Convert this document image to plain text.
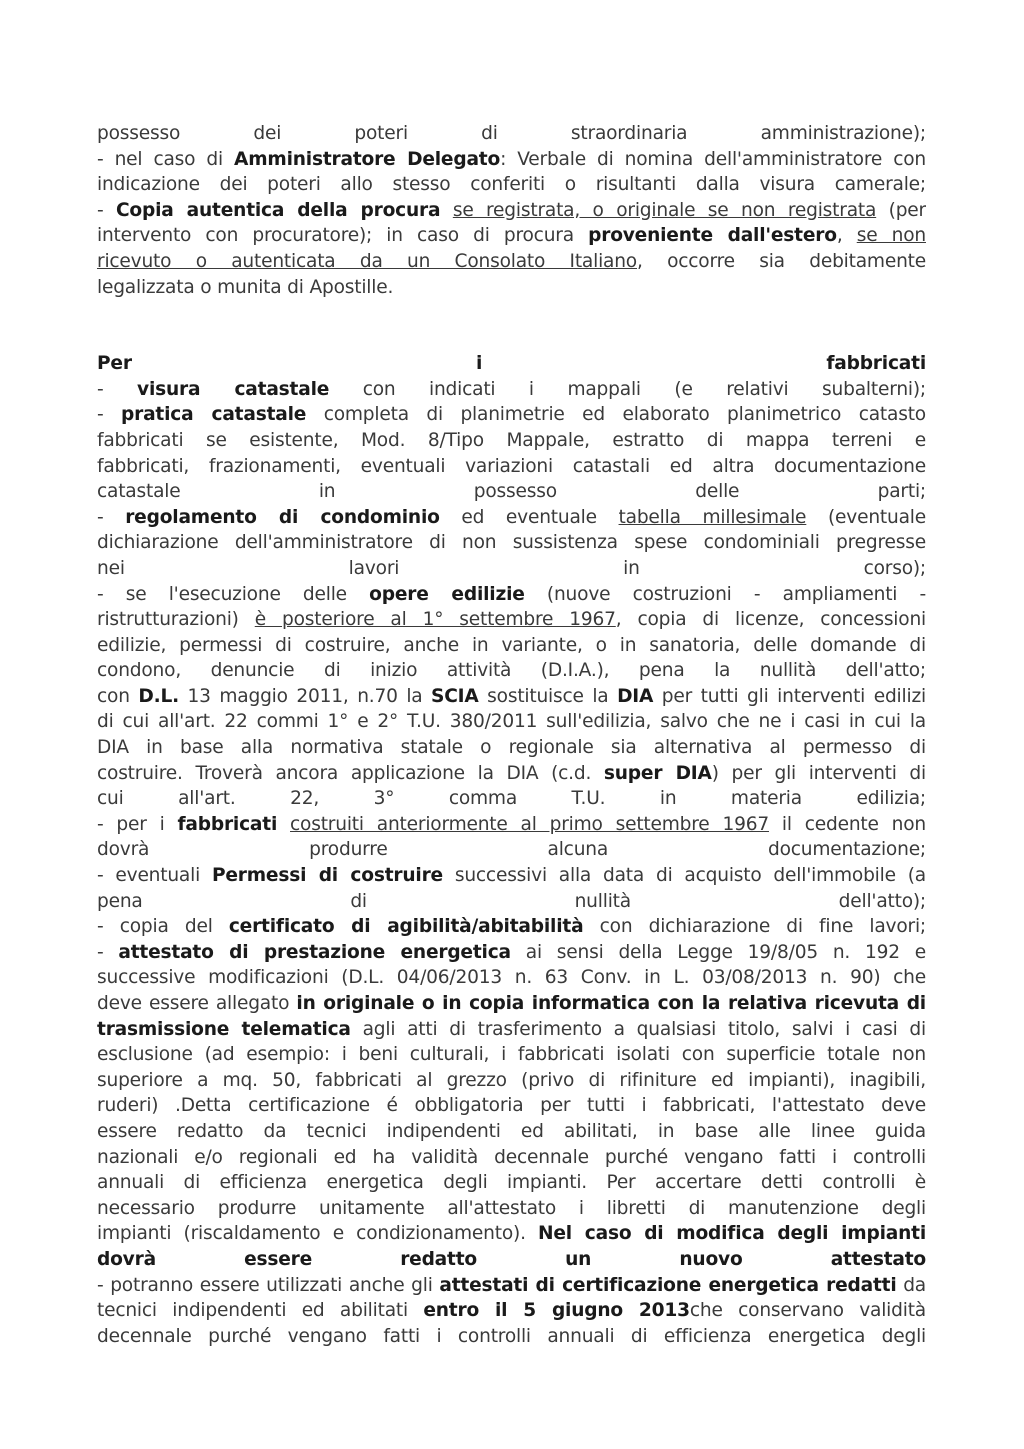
possesso dei poteri di straordinaria amministrazione);
- nel caso di Amministratore Delegato: Verbale di nomina dell'amministratore con
indicazione dei poteri allo stesso conferiti o risultanti dalla visura camerale;
- Copia autentica della procura se registrata, o originale se non registrata (per
intervento con procuratore); in caso di procura proveniente dall'estero, se non
ricevuto o autenticata da un Consolato Italiano, occorre sia debitamente
legalizzata o munita di Apostille.
Per i fabbricati
- visura catastale con indicati i mappali (e relativi subalterni);
- pratica catastale completa di planimetrie ed elaborato planimetrico catasto
fabbricati se esistente, Mod. 8/Tipo Mappale, estratto di mappa terreni e
fabbricati, frazionamenti, eventuali variazioni catastali ed altra documentazione
catastale in possesso delle parti;
- regolamento di condominio ed eventuale tabella millesimale (eventuale
dichiarazione dell'amministratore di non sussistenza spese condominiali pregresse
nei lavori in corso);
- se l'esecuzione delle opere edilizie (nuove costruzioni - ampliamenti -
ristrutturazioni) è posteriore al 1° settembre 1967, copia di licenze, concessioni
edilizie, permessi di costruire, anche in variante, o in sanatoria, delle domande di
condono, denuncie di inizio attività (D.I.A.), pena la nullità dell'atto;
con D.L. 13 maggio 2011, n.70 la SCIA sostituisce la DIA per tutti gli interventi edilizi
di cui all'art. 22 commi 1° e 2° T.U. 380/2011 sull'edilizia, salvo che ne i casi in cui la
DIA in base alla normativa statale o regionale sia alternativa al permesso di
costruire. Troverà ancora applicazione la DIA (c.d. super DIA) per gli interventi di
cui all'art. 22, 3° comma T.U. in materia edilizia;
- per i fabbricati costruiti anteriormente al primo settembre 1967 il cedente non
dovrà produrre alcuna documentazione;
- eventuali Permessi di costruire successivi alla data di acquisto dell'immobile (a
pena di nullità dell'atto);
- copia del certificato di agibilità/abitabilità con dichiarazione di fine lavori;
- attestato di prestazione energetica ai sensi della Legge 19/8/05 n. 192 e
successive modificazioni (D.L. 04/06/2013 n. 63 Conv. in L. 03/08/2013 n. 90) che
deve essere allegato in originale o in copia informatica con la relativa ricevuta di
trasmissione telematica agli atti di trasferimento a qualsiasi titolo, salvi i casi di
esclusione (ad esempio: i beni culturali, i fabbricati isolati con superficie totale non
superiore a mq. 50, fabbricati al grezzo (privo di rifiniture ed impianti), inagibili,
ruderi) .Detta certificazione é obbligatoria per tutti i fabbricati, l'attestato deve
essere redatto da tecnici indipendenti ed abilitati, in base alle linee guida
nazionali e/o regionali ed ha validità decennale purché vengano fatti i controlli
annuali di efficienza energetica degli impianti. Per accertare detti controlli è
necessario produrre unitamente all'attestato i libretti di manutenzione degli
impianti (riscaldamento e condizionamento). Nel caso di modifica degli impianti
dovrà essere redatto un nuovo attestato
- potranno essere utilizzati anche gli attestati di certificazione energetica redatti da
tecnici indipendenti ed abilitati entro il 5 giugno 2013che conservano validità
decennale purché vengano fatti i controlli annuali di efficienza energetica degli
